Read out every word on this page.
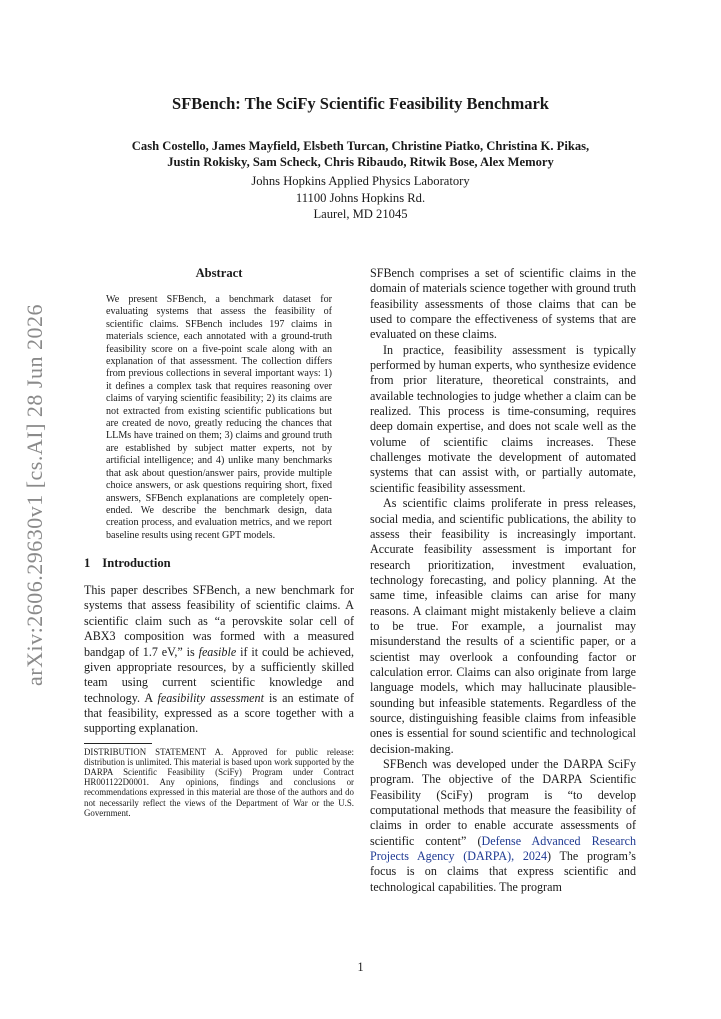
arXiv:2606.29630v1 [cs.AI] 28 Jun 2026
SFBench: The SciFy Scientific Feasibility Benchmark
Cash Costello, James Mayfield, Elsbeth Turcan, Christine Piatko, Christina K. Pikas,
Justin Rokisky, Sam Scheck, Chris Ribaudo, Ritwik Bose, Alex Memory
Johns Hopkins Applied Physics Laboratory
11100 Johns Hopkins Rd.
Laurel, MD 21045
Abstract

We present SFBench, a benchmark dataset for evaluating systems that assess the feasibility of scientific claims. SFBench includes 197 claims in materials science, each annotated with a ground-truth feasibility score on a five-point scale along with an explanation of that assessment. The collection differs from previous collections in several important ways: 1) it defines a complex task that requires reasoning over claims of varying scientific feasibility; 2) its claims are not extracted from existing scientific publications but are created de novo, greatly reducing the chances that LLMs have trained on them; 3) claims and ground truth are established by subject matter experts, not by artificial intelligence; and 4) unlike many benchmarks that ask about question/answer pairs, provide multiple choice answers, or ask questions requiring short, fixed answers, SFBench explanations are completely open-ended. We describe the benchmark design, data creation process, and evaluation metrics, and we report baseline results using recent GPT models.

1 Introduction

This paper describes SFBench, a new benchmark for systems that assess feasibility of scientific claims. A scientific claim such as “a perovskite solar cell of ABX3 composition was formed with a measured bandgap of 1.7 eV,” is feasible if it could be achieved, given appropriate resources, by a sufficiently skilled team using current scientific knowledge and technology. A feasibility assessment is an estimate of that feasibility, expressed as a score together with a supporting explanation.

DISTRIBUTION STATEMENT A. Approved for public release: distribution is unlimited. This material is based upon work supported by the DARPA Scientific Feasibility (SciFy) Program under Contract HR001122D0001. Any opinions, findings and conclusions or recommendations expressed in this material are those of the authors and do not necessarily reflect the views of the Department of War or the U.S. Government.

SFBench comprises a set of scientific claims in the domain of materials science together with ground truth feasibility assessments of those claims that can be used to compare the effectiveness of systems that are evaluated on these claims.

In practice, feasibility assessment is typically performed by human experts, who synthesize evidence from prior literature, theoretical constraints, and available technologies to judge whether a claim can be realized. This process is time-consuming, requires deep domain expertise, and does not scale well as the volume of scientific claims increases. These challenges motivate the development of automated systems that can assist with, or partially automate, scientific feasibility assessment.

As scientific claims proliferate in press releases, social media, and scientific publications, the ability to assess their feasibility is increasingly important. Accurate feasibility assessment is important for research prioritization, investment evaluation, technology forecasting, and policy planning. At the same time, infeasible claims can arise for many reasons. A claimant might mistakenly believe a claim to be true. For example, a journalist may misunderstand the results of a scientific paper, or a scientist may overlook a confounding factor or calculation error. Claims can also originate from large language models, which may hallucinate plausible-sounding but infeasible statements. Regardless of the source, distinguishing feasible claims from infeasible ones is essential for sound scientific and technological decision-making.

SFBench was developed under the DARPA SciFy program. The objective of the DARPA Scientific Feasibility (SciFy) program is “to develop computational methods that measure the feasibility of claims in order to enable accurate assessments of scientific content” (Defense Advanced Research Projects Agency (DARPA), 2024) The program’s focus is on claims that express scientific and technological capabilities. The program

1
